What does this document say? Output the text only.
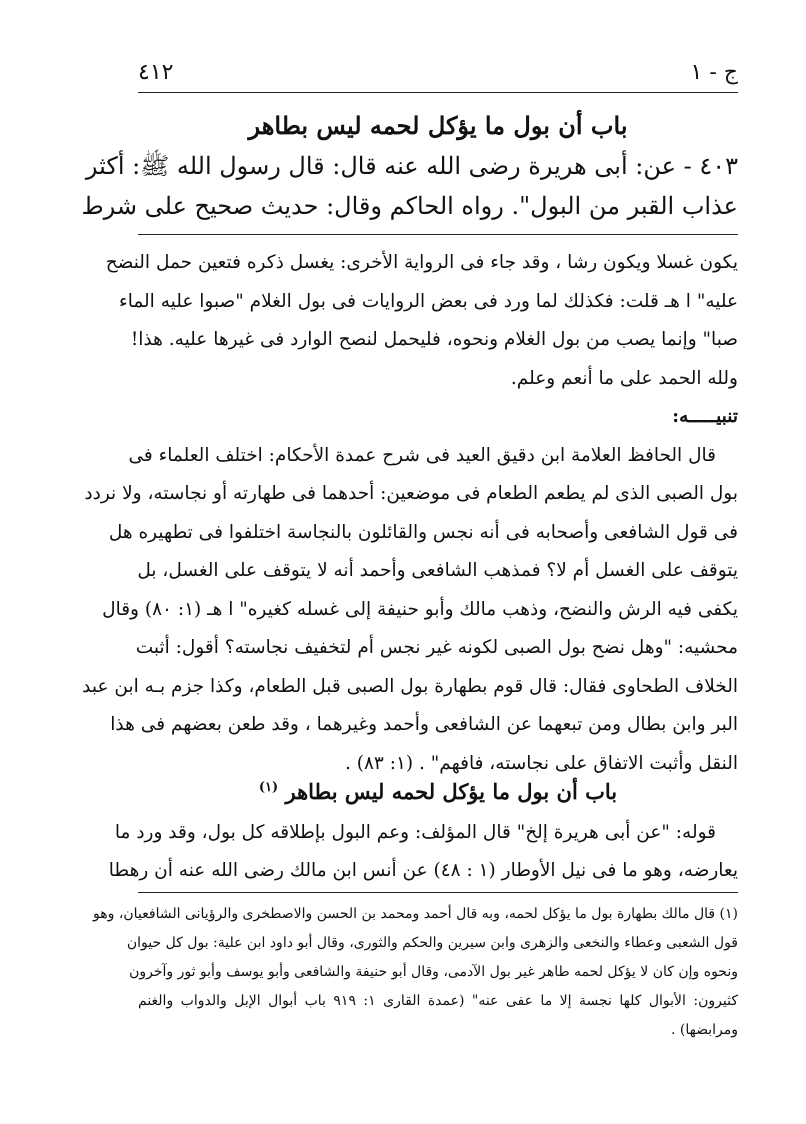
ج - ١
٤١٢
باب أن بول ما يؤكل لحمه ليس بطاهر
٤٠٣ - عن: أبى هريرة رضى الله عنه قال: قال رسول الله ﷺ: أكثر
عذاب القبر من البول". رواه الحاكم وقال: حديث صحيح على شرط
يكون غسلا ويكون رشا ، وقد جاء فى الرواية الأخرى: يغسل ذكره فتعين حمل النضح
عليه" ا هـ قلت: فكذلك لما ورد فى بعض الروايات فى بول الغلام "صبوا عليه الماء
صبا" وإنما يصب من بول الغلام ونحوه، فليحمل لنصح الوارد فى غيرها عليه. هذا!
ولله الحمد على ما أنعم وعلم.
تنبيـــــه:
قال الحافظ العلامة ابن دقيق العيد فى شرح عمدة الأحكام: اختلف العلماء فى
بول الصبى الذى لم يطعم الطعام فى موضعين: أحدهما فى طهارته أو نجاسته، ولا نردد
فى قول الشافعى وأصحابه فى أنه نجس والقائلون بالنجاسة اختلفوا فى تطهيره هل
يتوقف على الغسل أم لا؟ فمذهب الشافعى وأحمد أنه لا يتوقف على الغسل، بل
يكفى فيه الرش والنضح، وذهب مالك وأبو حنيفة إلى غسله كغيره" ا هـ (١: ٨٠) وقال
محشيه: "وهل نضح بول الصبى لكونه غير نجس أم لتخفيف نجاسته؟ أقول: أثبت
الخلاف الطحاوى فقال: قال قوم بطهارة بول الصبى قبل الطعام، وكذا جزم بـه ابن عبد
البر وابن بطال ومن تبعهما عن الشافعى وأحمد وغيرهما ، وقد طعن بعضهم فى هذا
النقل وأثبت الاتفاق على نجاسته، فافهم" . (١: ٨٣) .
باب أن بول ما يؤكل لحمه ليس بطاهر $^{(١)}$
قوله: "عن أبى هريرة إلخ" قال المؤلف: وعم البول بإطلاقه كل بول، وقد ورد ما
يعارضه، وهو ما فى نيل الأوطار (١ : ٤٨) عن أنس ابن مالك رضى الله عنه أن رهطا
(١) قال مالك بطهارة بول ما يؤكل لحمه، وبه قال أحمد ومحمد بن الحسن والاصطخرى والرؤيانى الشافعيان، وهو
قول الشعبى وعطاء والنخعى والزهرى وابن سيرين والحكم والثورى، وقال أبو داود ابن علية: بول كل حيوان
ونحوه وإن كان لا يؤكل لحمه طاهر غير بول الآدمى، وقال أبو حنيفة والشافعى وأبو يوسف وأبو ثور وآخرون
كثيرون: الأبوال كلها نجسة إلا ما عفى عنه" (عمدة القارى ١: ٩١٩ باب أبوال الإبل والدواب والغنم
ومرابضها) .
